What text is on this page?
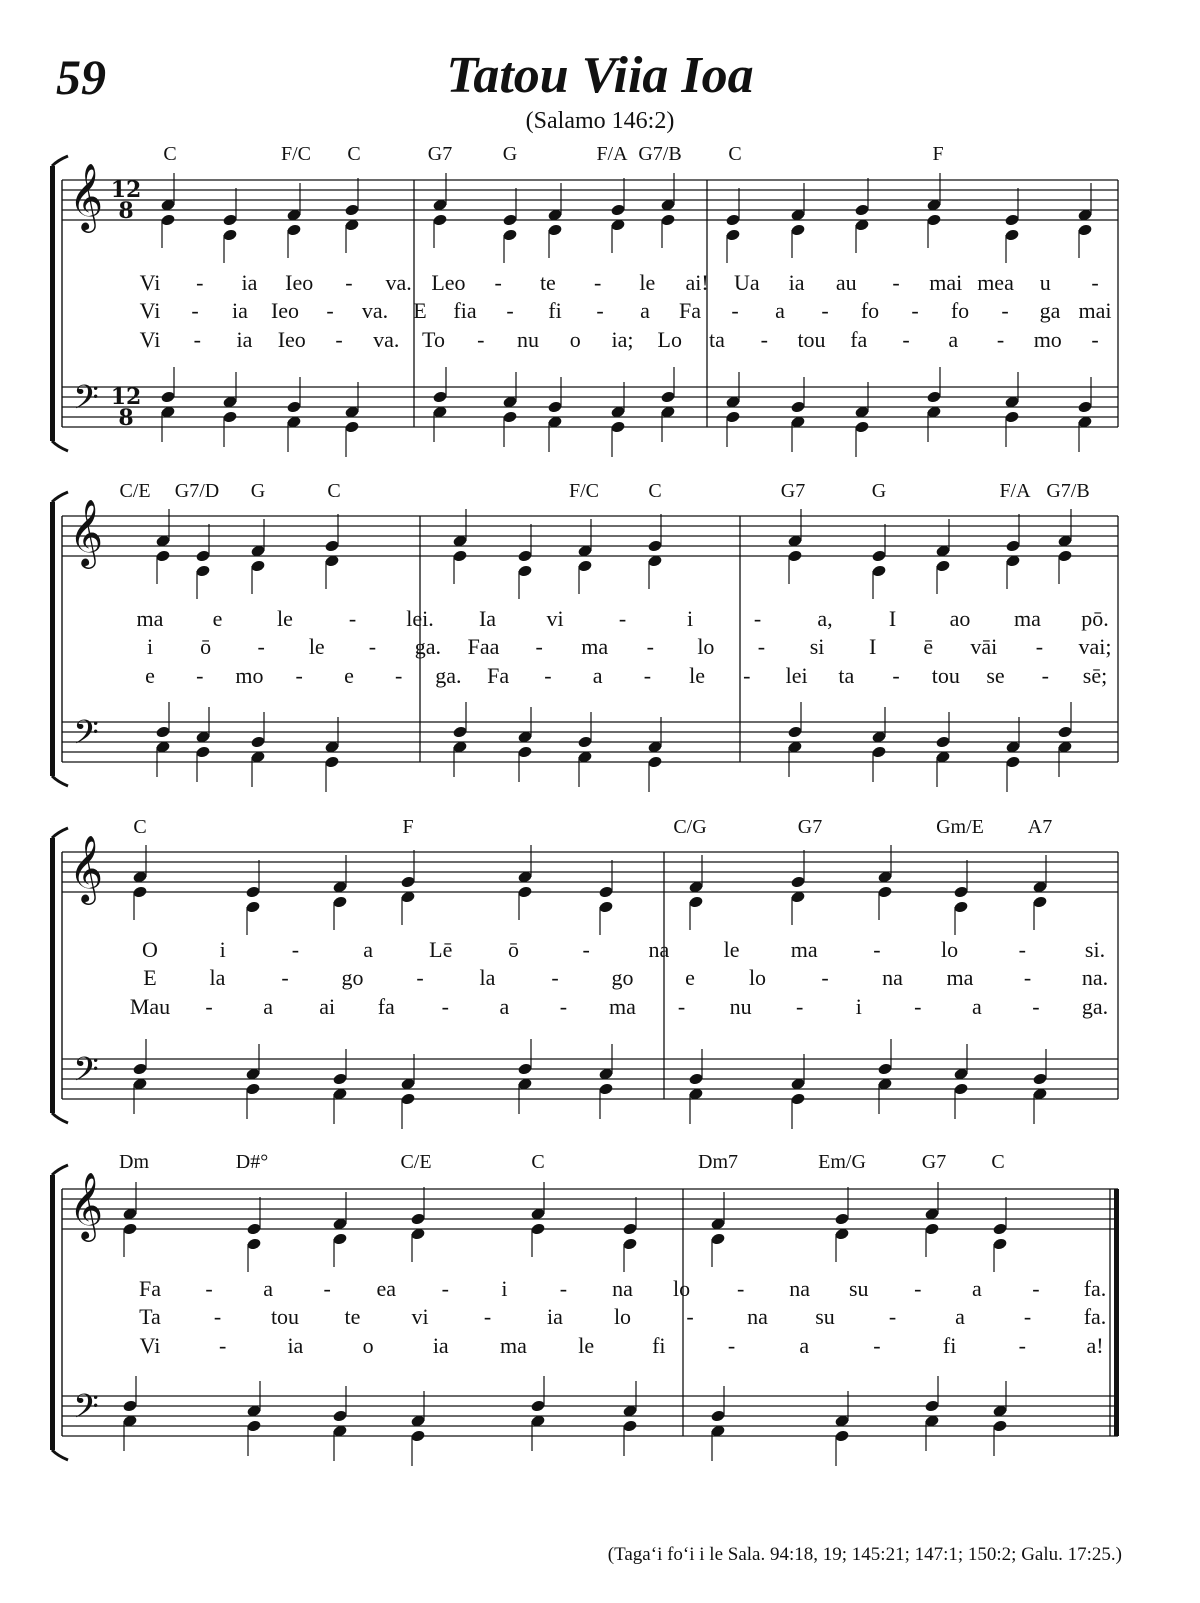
59	Tatou Viia Ioa
(Salamo 146:2)
𝄞
𝄢
12
8
12
8
C	F/C C	G7	G	F/A G7/B C	F
Vi - ia Ieo - va. Leo - te - le ai! Ua ia au - mai mea u -
Vi - ia Ieo - va. E fia - fi - a Fa - a - fo - fo - ga mai
Vi - ia Ieo - va. To - nu o ia; Lo ta - tou fa - a - mo -
𝄞
𝄢
C/E G7/D G	C	F/C C	G7	G	F/A G7/B
ma e le	- lei. Ia vi	-	i	-	a,	I ao ma pō.
i ō - le - ga. Faa - ma - lo - si I ē vāi - vai;
e - mo - e - ga. Fa - a - le - lei ta - tou se - sē;
𝄞
𝄢
C	F	C/G	G7	Gm/E A7
O	i	-	a	Lē	ō	-	na le ma	-	lo	-	si.
E la	- go -	la	- go e lo	- na ma - na.
Mau - a ai fa - a - ma - nu - i - a - ga.
𝄞
𝄢
Dm	D#°	C/E	C	Dm7	Em/G	G7 C
Fa - a - ea - i - na lo - na su - a - fa.
Ta - tou te vi	-	ia lo	- na su -	a	- fa.
Vi	-	ia	o	ia ma le	fi	-	a	-	fi	-	a!
(Taga‘i fo‘i i le Sala. 94:18, 19; 145:21; 147:1; 150:2; Galu. 17:25.)
